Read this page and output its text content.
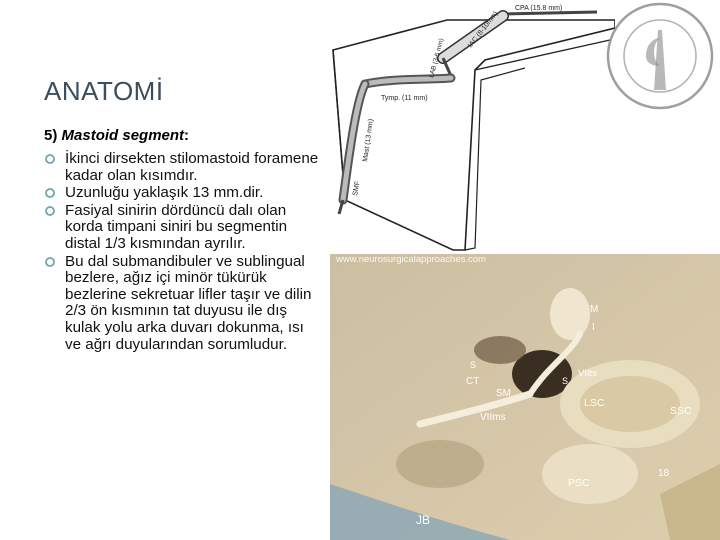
ANATOMİ
5) Mastoid segment:
İkinci dirsekten stilomastoid foramene kadar olan kısımdır.
Uzunluğu yaklaşık 13 mm.dir.
Fasiyal sinirin dördüncü dalı olan korda timpani siniri bu segmentin distal 1/3 kısmından ayrılır.
Bu dal submandibuler ve sublingual bezlere, ağız içi minör tükürük bezlerine sekretuar lifler taşır ve dilin 2/3 ön kısmının tat duyusu ile dış kulak yolu arka duvarı dokunma, ısı ve ağrı duyularından sorumludur.
CPA (15.8 mm)
IAC (8-10mm)
LAB (3-5 mm)
Tymp. (11 mm)
Mast (13 mm)
SMF
www.neurosurgicalapproaches.com
M
I
S
CT
SM
S
VIIts
VIIms
LSC
SSC
PSC
JB
18
